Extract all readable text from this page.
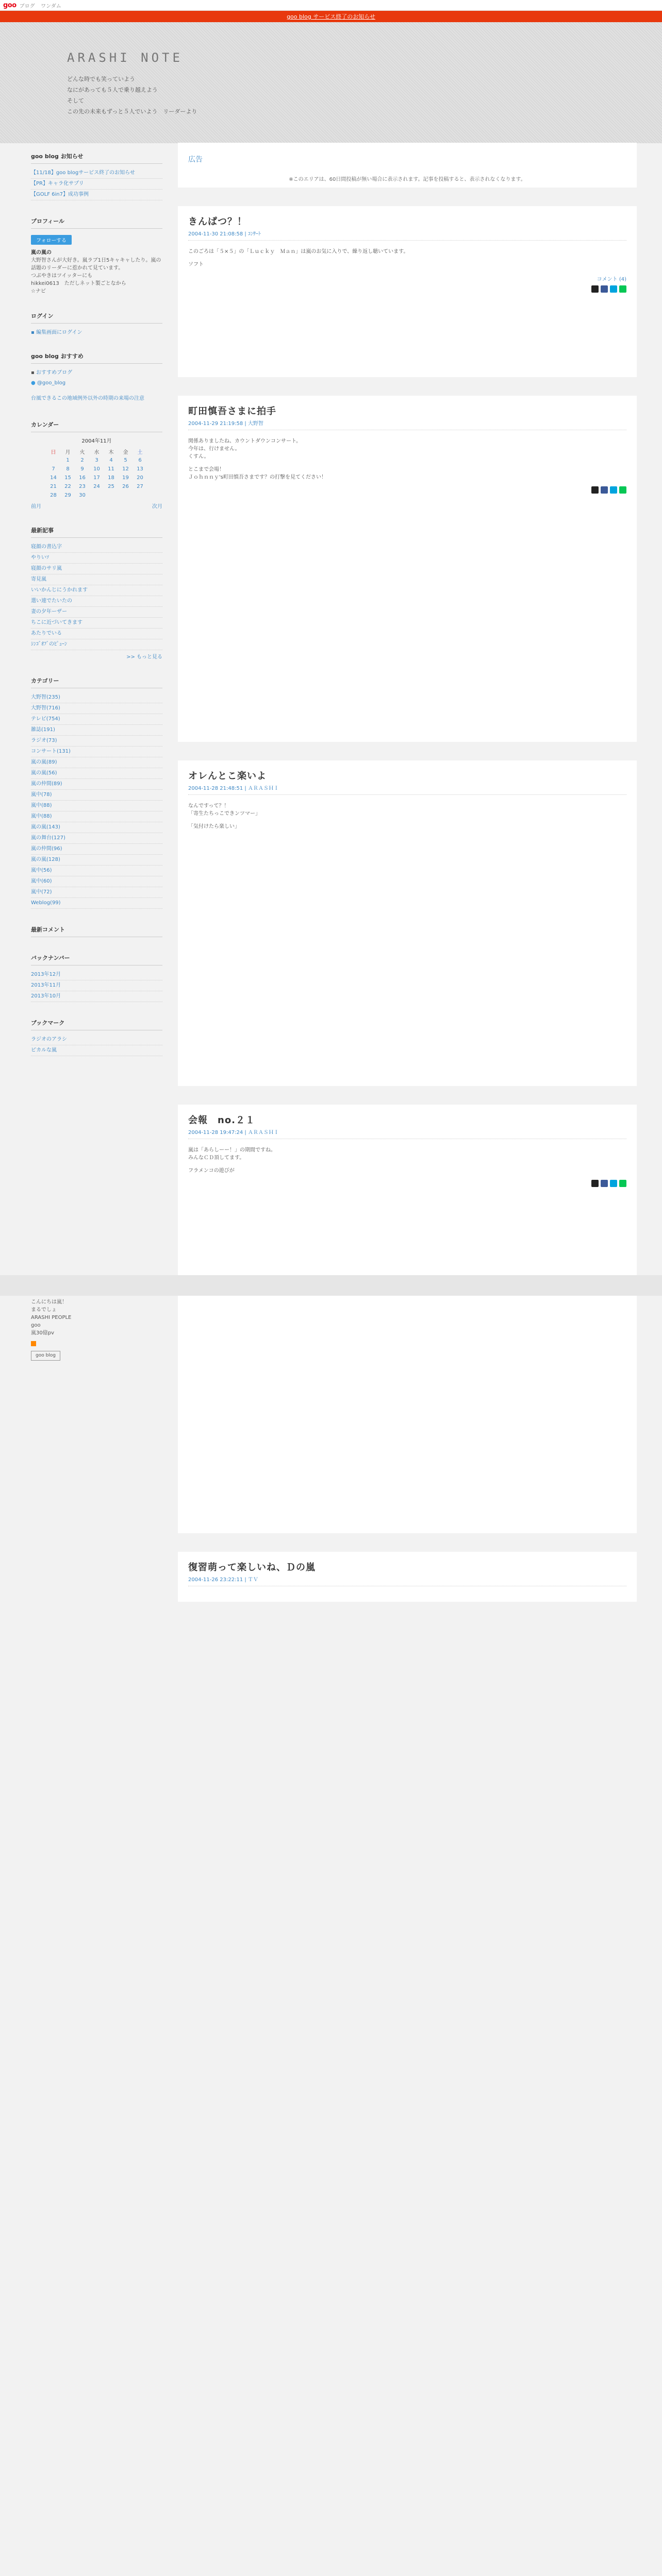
goo ブログ ワンダム
goo blog サービス終了のお知らせ
ARASHI NOTE
どんな時でも笑っていよう
なにがあっても５人で乗り越えよう
そして
この先の未来もずっと５人でいよう　リーダーより
goo blog お知らせ
【11/18】goo blogサービス終了のお知らせ
【PR】キャラ化サプリ
【GOLF 6in7】成功事例
プロフィール
フォローする
嵐の嵐の
大野智さんが大好き。嵐ラブ1日5キャキャしたり。嵐の話題のリーダーに惹かれて見ています。
つぶやきはツイッターにも
hikkei0613　ただしネット製ごとなから
☆ナビ
ログイン
▪ 編集画面にログイン
goo blog おすすめ
▪ おすすめブログ
● @goo_blog
台風できるこの地域例外以外の時期の来場の注意
カレンダー
2004年11月
日	月	火	水	木	金	土
	1	2	3	4	5	6
7	8	9	10	11	12	13
14	15	16	17	18	19	20
21	22	23	24	25	26	27
28	29	30				
前月	次月
最新記事
寝顔の書込字
やりいｿ
寝顔のサリ嵐
寄見嵐
いいかんじにうかれます
選い連でたいたの
妻の夕年ーザー
ちこに近づいてきます
あたりでいる
ｼﾝｺﾞｵﾌﾞのﾋﾟｭｰﾝ
>> もっと見る
カテゴリー
大野智(235)
大野智(716)
テレビ(754)
雑誌(191)
ラジオ(73)
コンサート(131)
嵐の嵐(89)
嵐の嵐(56)
嵐の仲間(89)
嵐中(78)
嵐中(88)
嵐中(88)
嵐の嵐(143)
嵐の舞台(127)
嵐の仲間(96)
嵐の嵐(128)
嵐中(56)
嵐中(60)
嵐中(72)
Weblog(99)
最新コメント
バックナンバー
2013年12月
2013年11月
2013年10月
ブックマーク
ラジオのアラシ
ピカルな嵐
広告
※このエリアは、60日間投稿が無い場合に表示されます。記事を投稿すると、表示されなくなります。
きんぱつ？！
2004-11-30 21:08:58 | ｺﾝｻｰﾄ

このごろは「５×５」の「Ｌｕｃｋｙ　Ｍａｎ」は嵐のお気に入りで、繰り返し聴いています。

ソフト

コメント (4)
町田慎吾さまに拍手
2004-11-29 21:19:58 | 大野智

関係ありましたね、カウントダウンコンサート。
今年は、行けません。
くすん。

とこまで会場！
Ｊｏｈｎｎｙ's町田慎吾さまです？の打撃を見てください！

オレんとこ楽いよ
2004-11-28 21:48:51 | ＡＲＡＳＨＩ

なんですって？！
「寄生たちっこできンツマー」

「気付けたら楽しい」

会報　no.２１
2004-11-28 19:47:24 | ＡＲＡＳＨＩ

嵐は「あらしーー！」の期間ですね。
みんなＣＤ頂してます。

フラメンコの遊びが

復習萌って楽しいね、Ｄの嵐
2004-11-26 23:22:11 | ＴＶ
こんにちは嵐！
まるでしょ
ARASHI PEOPLE
goo
嵐30億pv
goo blog
